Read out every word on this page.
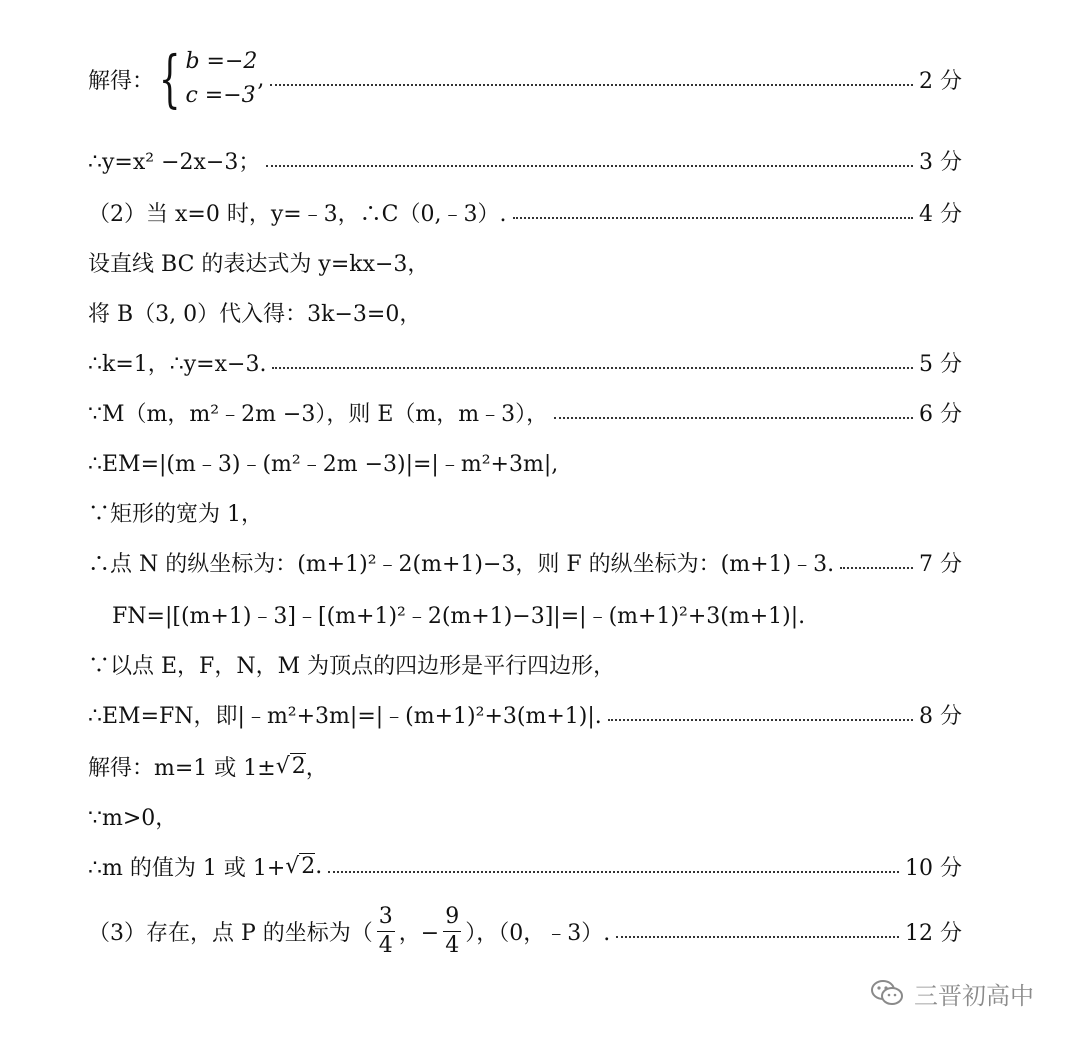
解得： { b =−2
c =−3
,	2 分
∴y=x² −2x−3；	3 分
（2）当 x=0 时，y=﹣3，∴C（0,﹣3）.	4 分
设直线 BC 的表达式为 y=kx−3，
将 B（3, 0）代入得：3k−3=0，
∴k=1，∴y=x−3.	5 分
∵M（m，m²﹣2m −3），则 E（m，m﹣3），	6 分
∴EM=|(m﹣3)﹣(m²﹣2m −3)|=|﹣m²+3m|,
∵矩形的宽为 1，
∴点 N 的纵坐标为：(m+1)²﹣2(m+1)−3，则 F 的纵坐标为：(m+1)﹣3.	7 分
FN=|[(m+1)﹣3]﹣[(m+1)²﹣2(m+1)−3]|=|﹣(m+1)²+3(m+1)|.
∵以点 E，F，N，M 为顶点的四边形是平行四边形，
∴EM=FN，即|﹣m²+3m|=|﹣(m+1)²+3(m+1)|.	8 分
解得：m=1 或 1± √2 ，
∵m>0，
∴m 的值为 1 或 1+ √2 .	10 分
（3）存在，点 P 的坐标为（ $\frac{3}{4}$ ，− $\frac{9}{4}$ ），（0，﹣3）.	12 分
三晋初高中
